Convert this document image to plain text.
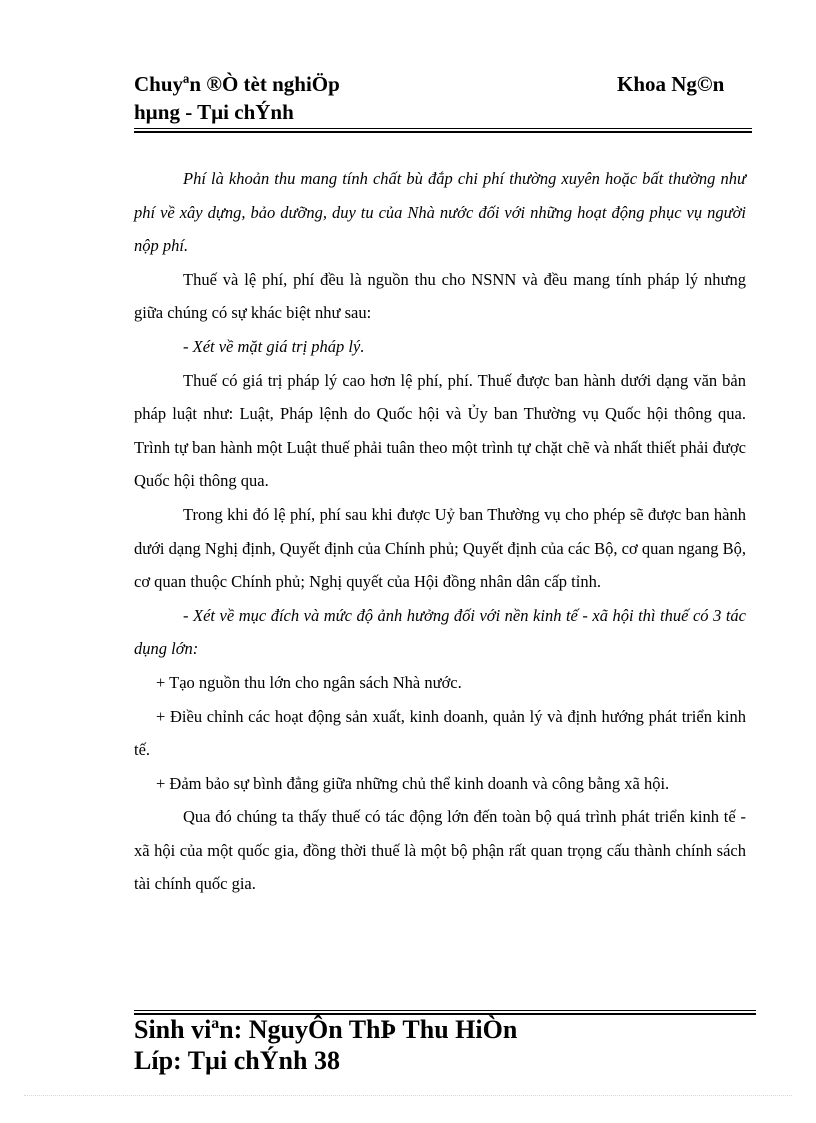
Chuyªn ®Ò tèt nghiÖp
hµng - Tµi chÝnh
Khoa Ng©n

Phí là khoản thu mang tính chất bù đắp chi phí thường xuyên hoặc bất thường như phí về xây dựng, bảo dưỡng, duy tu của Nhà nước đối với những hoạt động phục vụ người nộp phí.

Thuế và lệ phí, phí đều là nguồn thu cho NSNN và đều mang tính pháp lý nhưng giữa chúng có sự khác biệt như sau:

- Xét về mặt giá trị pháp lý.

Thuế có giá trị pháp lý cao hơn lệ phí, phí. Thuế được ban hành dưới dạng văn bản pháp luật như: Luật, Pháp lệnh do Quốc hội và Ủy ban Thường vụ Quốc hội thông qua. Trình tự ban hành một Luật thuế phải tuân theo một trình tự chặt chẽ và nhất thiết phải được Quốc hội thông qua.

Trong khi đó lệ phí, phí sau khi được Uỷ ban Thường vụ cho phép sẽ được ban hành dưới dạng Nghị định, Quyết định của Chính phủ; Quyết định của các Bộ, cơ quan ngang Bộ, cơ quan thuộc Chính phủ; Nghị quyết của Hội đồng nhân dân cấp tỉnh.

- Xét về mục đích và mức độ ảnh hưởng đối với nền kinh tế - xã hội thì thuế có 3 tác dụng lớn:

+ Tạo nguồn thu lớn cho ngân sách Nhà nước.

+ Điều chỉnh các hoạt động sản xuất, kinh doanh, quản lý và định hướng phát triển kinh tế.

+ Đảm bảo sự bình đẳng giữa những chủ thể kinh doanh và công bằng xã hội.

Qua đó chúng ta thấy thuế có tác động lớn đến toàn bộ quá trình phát triển kinh tế - xã hội của một quốc gia, đồng thời thuế là một bộ phận rất quan trọng cấu thành chính sách tài chính quốc gia.

Sinh viªn: NguyÔn ThÞ Thu HiÒn
Líp: Tµi chÝnh 38
